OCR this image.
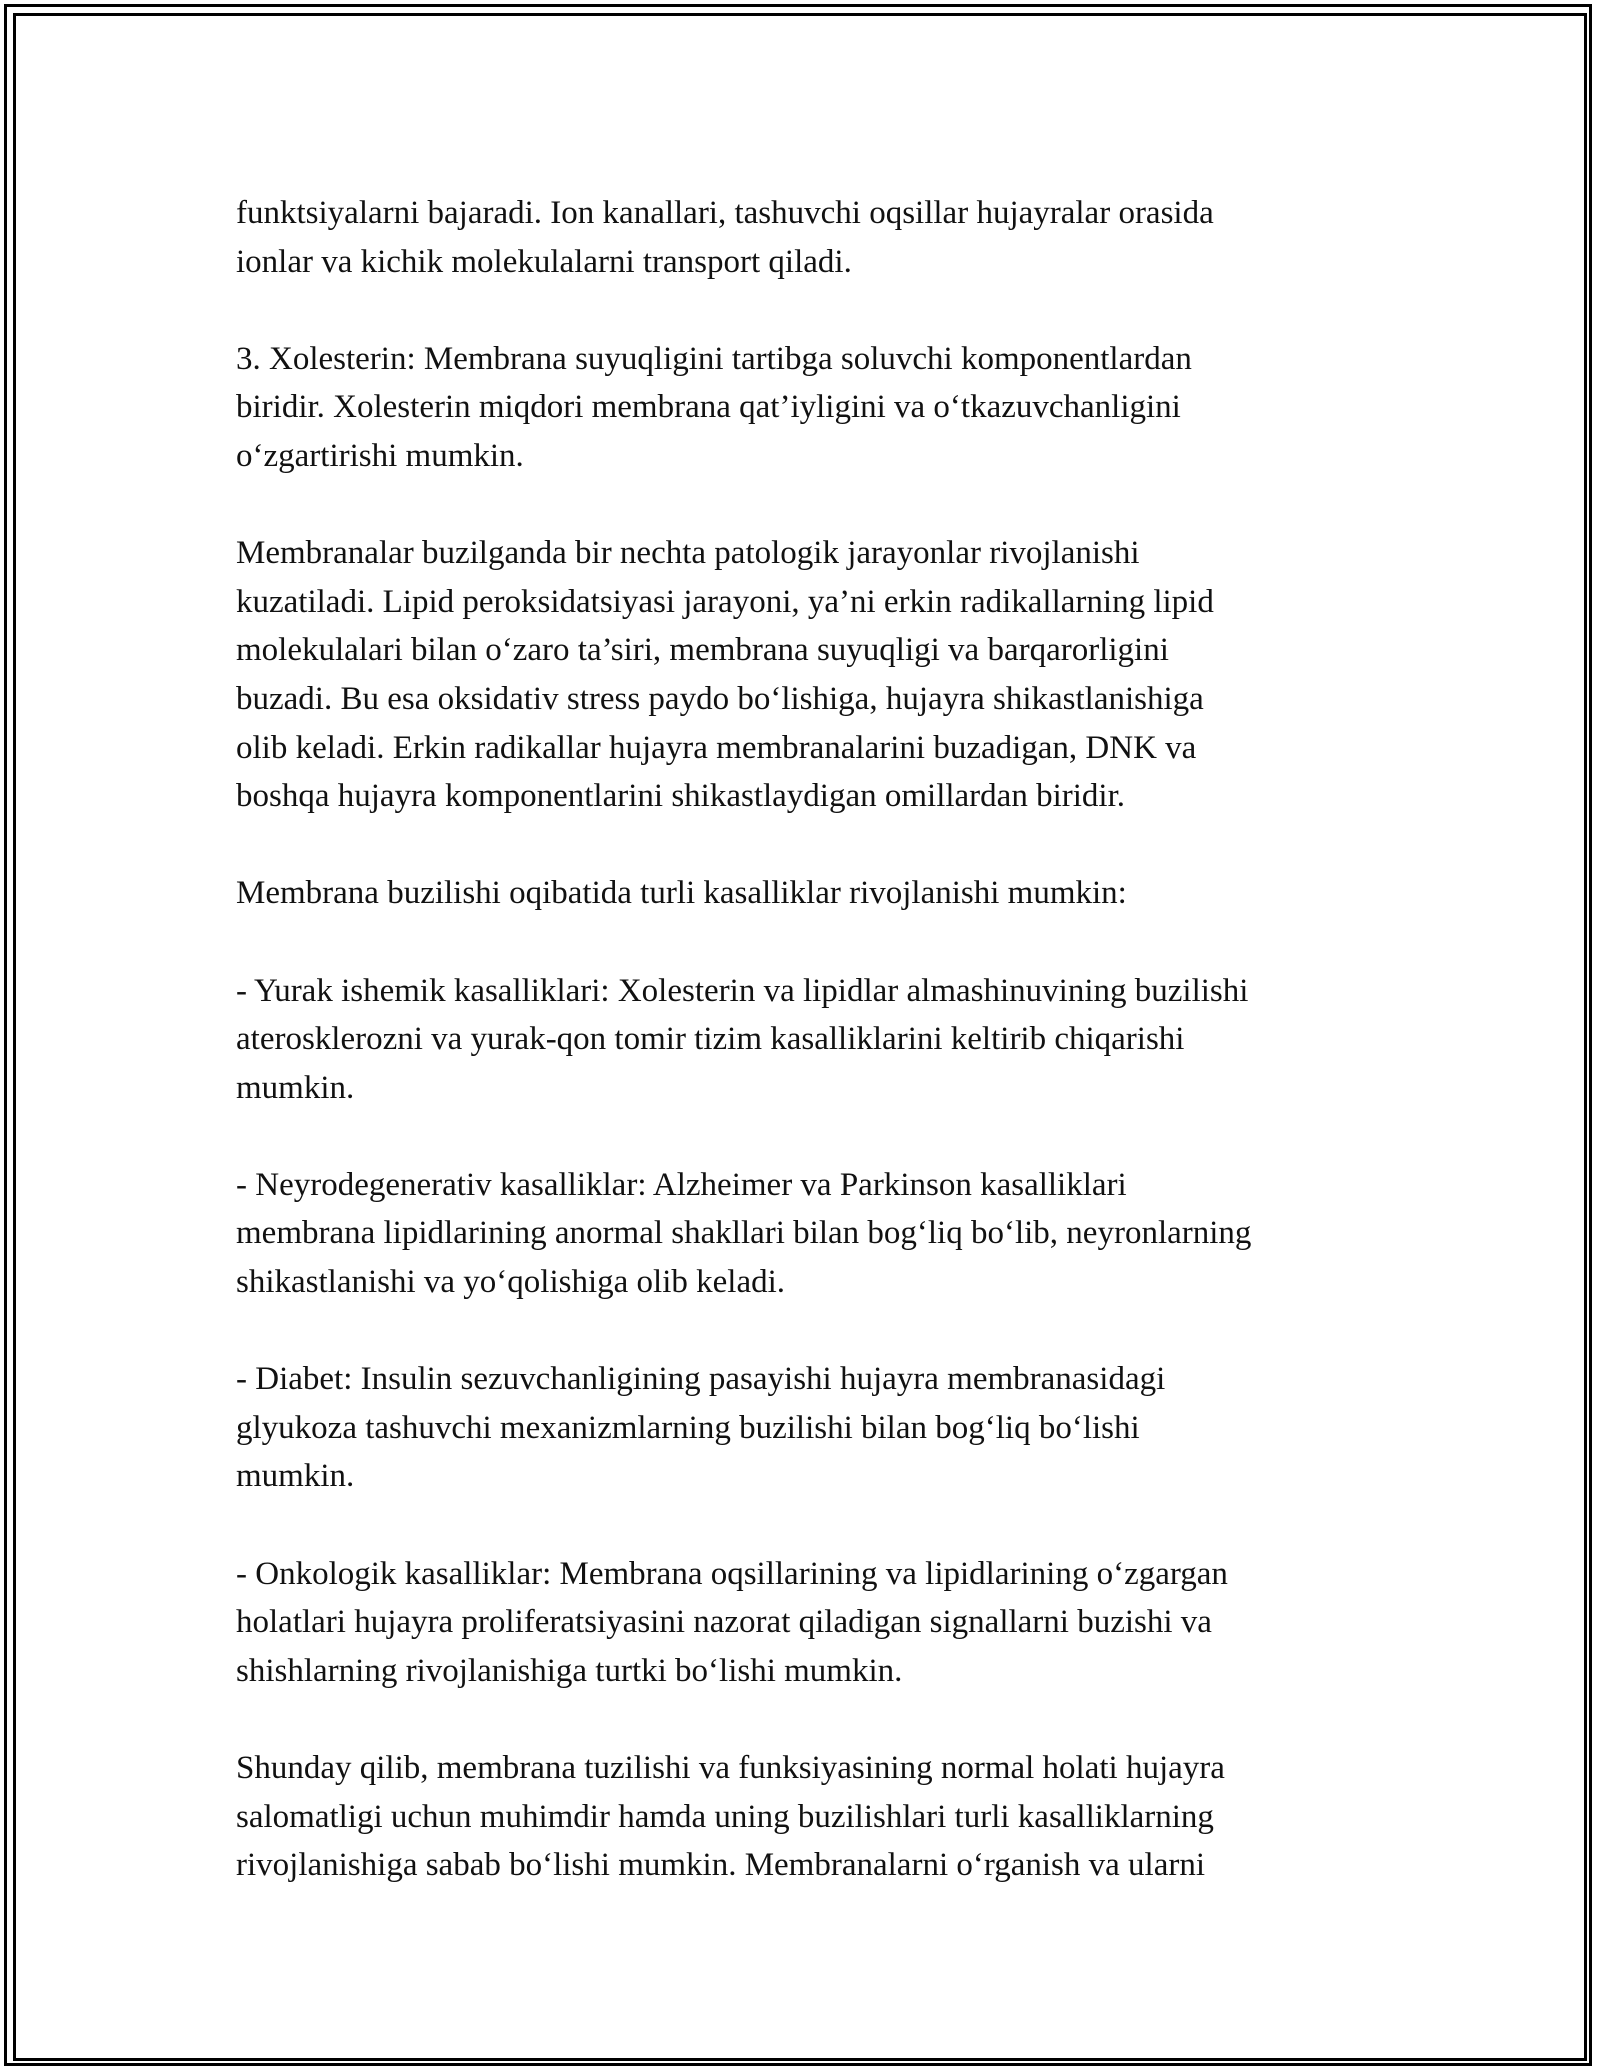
funktsiyalarni bajaradi. Ion kanallari, tashuvchi oqsillar hujayralar orasida
ionlar va kichik molekulalarni transport qiladi.

3. Xolesterin: Membrana suyuqligini tartibga soluvchi komponentlardan
biridir. Xolesterin miqdori membrana qat’iyligini va o‘tkazuvchanligini
o‘zgartirishi mumkin.

Membranalar buzilganda bir nechta patologik jarayonlar rivojlanishi
kuzatiladi. Lipid peroksidatsiyasi jarayoni, ya’ni erkin radikallarning lipid
molekulalari bilan o‘zaro ta’siri, membrana suyuqligi va barqarorligini
buzadi. Bu esa oksidativ stress paydo bo‘lishiga, hujayra shikastlanishiga
olib keladi. Erkin radikallar hujayra membranalarini buzadigan, DNK va
boshqa hujayra komponentlarini shikastlaydigan omillardan biridir.

Membrana buzilishi oqibatida turli kasalliklar rivojlanishi mumkin:

- Yurak ishemik kasalliklari: Xolesterin va lipidlar almashinuvining buzilishi
aterosklerozni va yurak-qon tomir tizim kasalliklarini keltirib chiqarishi
mumkin.

- Neyrodegenerativ kasalliklar: Alzheimer va Parkinson kasalliklari
membrana lipidlarining anormal shakllari bilan bog‘liq bo‘lib, neyronlarning
shikastlanishi va yo‘qolishiga olib keladi.

- Diabet: Insulin sezuvchanligining pasayishi hujayra membranasidagi
glyukoza tashuvchi mexanizmlarning buzilishi bilan bog‘liq bo‘lishi
mumkin.

- Onkologik kasalliklar: Membrana oqsillarining va lipidlarining o‘zgargan
holatlari hujayra proliferatsiyasini nazorat qiladigan signallarni buzishi va
shishlarning rivojlanishiga turtki bo‘lishi mumkin.

Shunday qilib, membrana tuzilishi va funksiyasining normal holati hujayra
salomatligi uchun muhimdir hamda uning buzilishlari turli kasalliklarning
rivojlanishiga sabab bo‘lishi mumkin. Membranalarni o‘rganish va ularni
